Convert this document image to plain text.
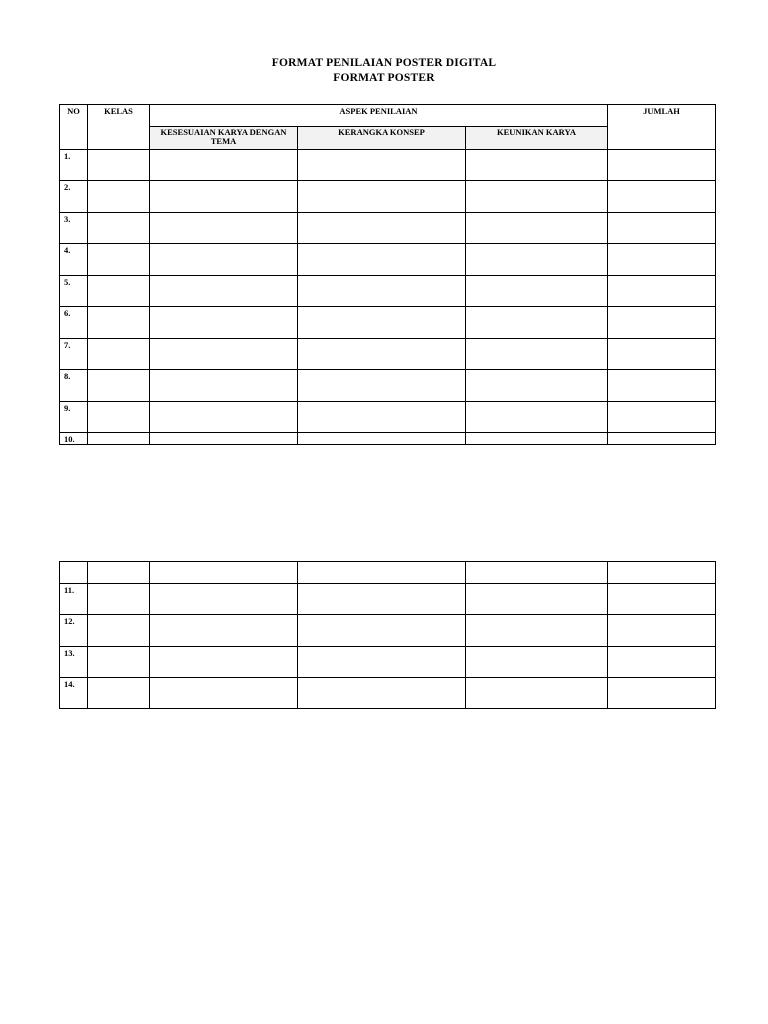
FORMAT PENILAIAN POSTER DIGITAL
FORMAT POSTER
NO	KELAS	ASPEK PENILAIAN			JUMLAH
		KESESUAIAN KARYA DENGAN TEMA	KERANGKA KONSEP	KEUNIKAN KARYA	
1.					
2.					
3.					
4.					
5.					
6.					
7.					
8.					
9.					
10.					

11.					
12.					
13.					
14.					
